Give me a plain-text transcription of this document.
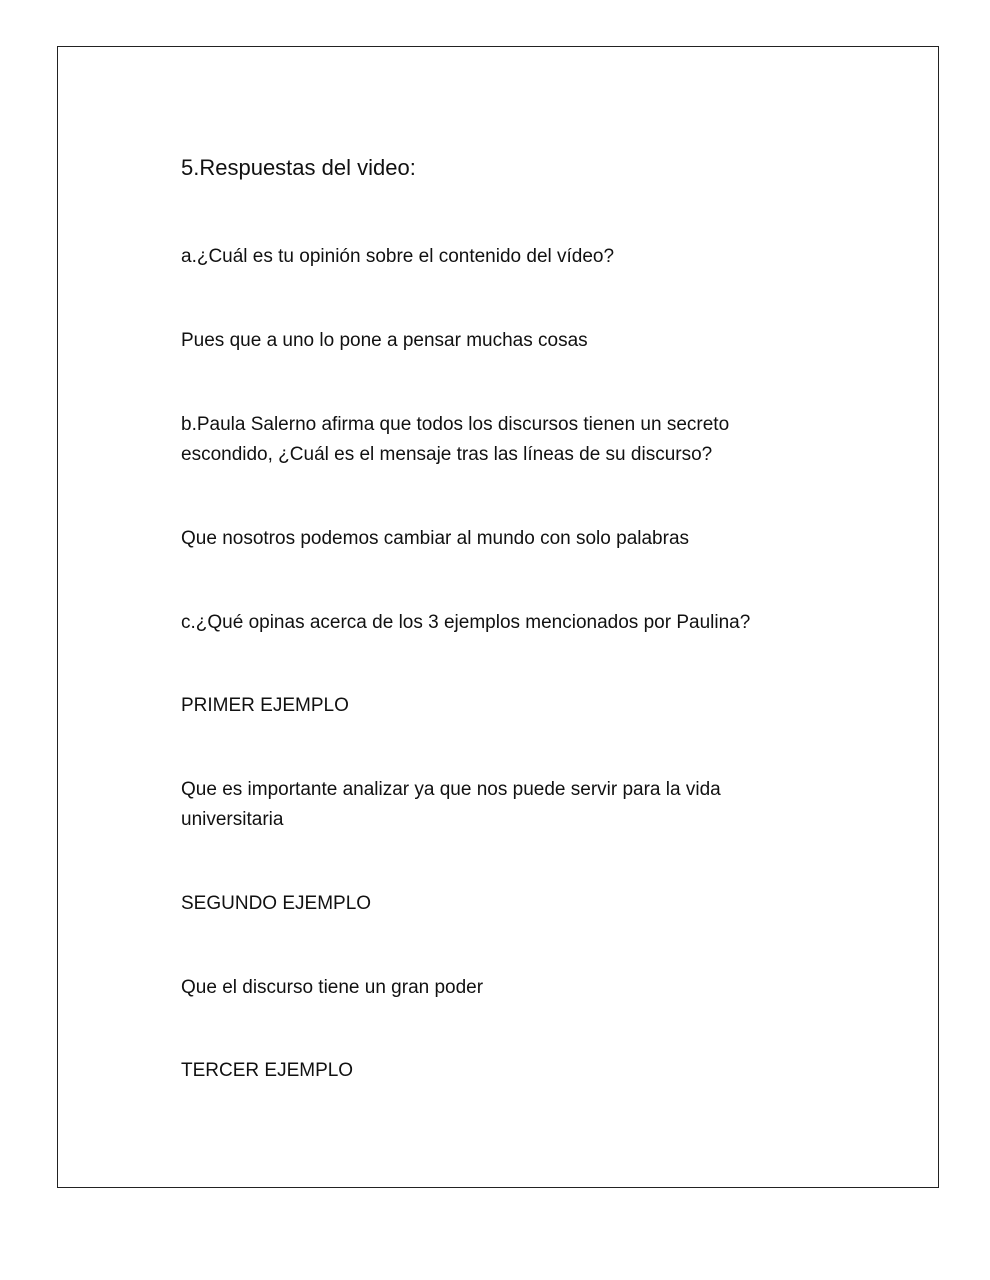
5.Respuestas del video:
a.¿Cuál es tu opinión sobre el contenido del vídeo?
Pues que a uno lo pone a pensar muchas cosas
b.Paula Salerno afirma que todos los discursos tienen un secreto
escondido, ¿Cuál es el mensaje tras las líneas de su discurso?
Que nosotros podemos cambiar al mundo con solo palabras
c.¿Qué opinas acerca de los 3 ejemplos mencionados por Paulina?
PRIMER EJEMPLO
Que es importante analizar ya que nos puede servir para la vida
universitaria
SEGUNDO EJEMPLO
Que el discurso tiene un gran poder
TERCER EJEMPLO
